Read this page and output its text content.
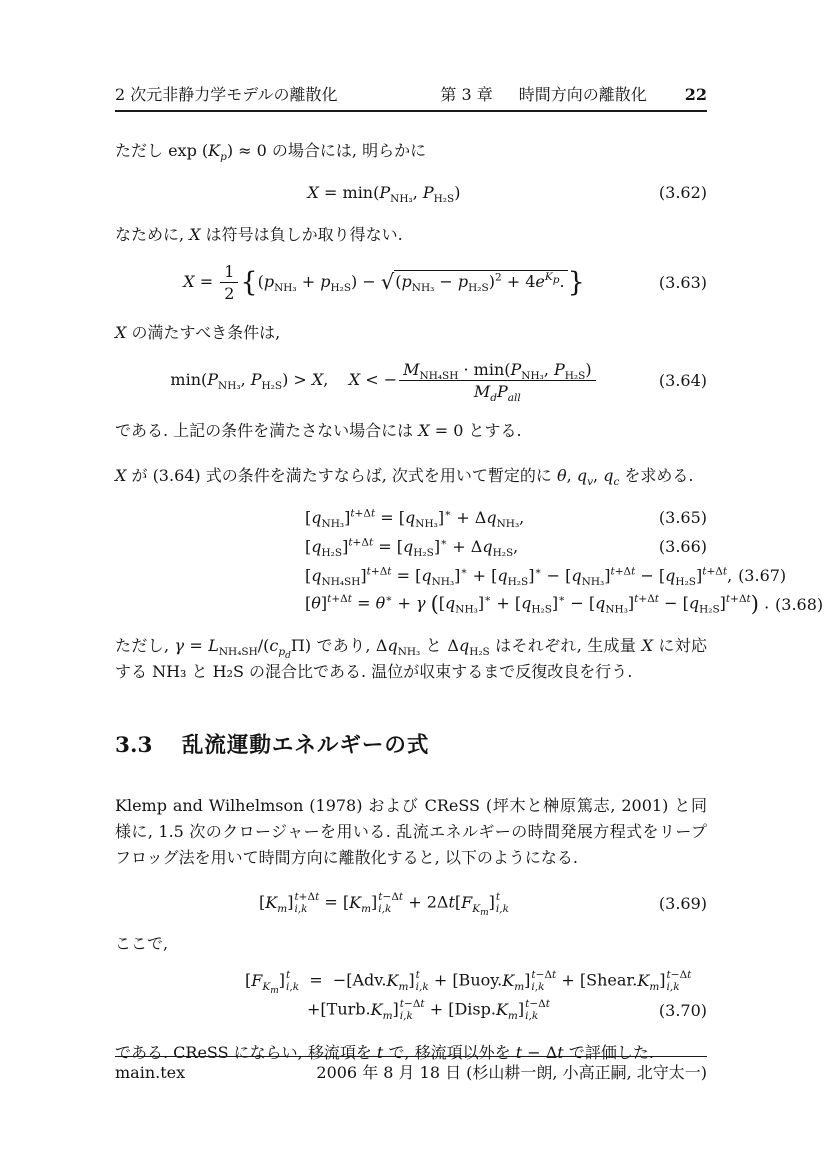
2 次元非静力学モデルの離散化	第 3 章 時間方向の離散化 22

ただし $\exp (K_p) \approx 0$ の場合には, 明らかに

$X = \min(P_{NH_3}$, $P_{H_2S}$)	(3.62)

なために, X は符号は負しか取り得ない.

$X = \frac{1}{2} \{(p_{NH_3} + p_{H_2S}) - √(p_{NH_3} - p_{H_2S})^2 + 4e^{K_p}$. }	(3.63)

X の満たすべき条件は,

$\min(P_{NH_3}$, $P_{H_2S}) > X$,    X < − $\frac{M_{NH_4SH} \cdot \min(P_{NH_3}, P_{H_2S})}{M_dP_{all}}$	(3.64)

である. 上記の条件を満たさない場合には X = 0 とする.

X が (3.64) 式の条件を満たすならば, 次式を用いて暫定的に θ, $q_v$, $q_c$ を求める.

$[q_{NH_3}]^{t+\Delta t} = [q_{NH_3}]^∗ + \Delta q_{NH_3}$,	(3.65)
$[q_{H_2S}]^{t+\Delta t} = [q_{H_2S}]^∗ + \Delta q_{H_2S}$,	(3.66)
$[q_{NH_4SH}]^{t+\Delta t} = [q_{NH_3}]^∗ + [q_{H_2S}]^∗ - [q_{NH_3}]^{t+\Delta t} - [q_{H_2S}]^{t+\Delta t}$, (3.67)
$[\theta]^{t+\Delta t} = \theta^∗ + \gamma$ $([q_{NH_3}]^∗ + [q_{H_2S}]^∗ - [q_{NH_3}]^{t+\Delta t} - [q_{H_2S}]^{t+\Delta t})$ . (3.68)

ただし, $\gamma = L_{NH_4SH}/(c_{p_d}\Pi)$ であり, $\Delta q_{NH_3}$ と $\Delta q_{H_2S}$ はそれぞれ, 生成量 X に対応する NH₃ と H₂S の混合比である. 温位が収束するまで反復改良を行う.

3.3 乱流運動エネルギーの式

Klemp and Wilhelmson (1978) および CReSS (坪木と榊原篤志, 2001) と同様に, 1.5 次のクロージャーを用いる. 乱流エネルギーの時間発展方程式をリープフロッグ法を用いて時間方向に離散化すると, 以下のようになる.

$[K_m]$ t+Δt
$i,k = [K_m]$ t−Δt
$i,k + 2\Delta t[F_{K_m}]$ t
i,k	(3.69)

ここで,

$[F_{K_m}]$ t
$i,k = -[Adv.K_m]$ t
$i,k + [Buoy.K_m]$ t−Δt
$i,k + [Shear.K_m]$ t−Δt
i,k
$+[Turb.K_m]$ t−Δt
$i,k + [Disp.K_m]$ t−Δt
i,k	(3.70)

である. CReSS にならい, 移流項を t で, 移流項以外を t − Δt で評価した.

main.tex	2006 年 8 月 18 日 (杉山耕一朗, 小高正嗣, 北守太一)
